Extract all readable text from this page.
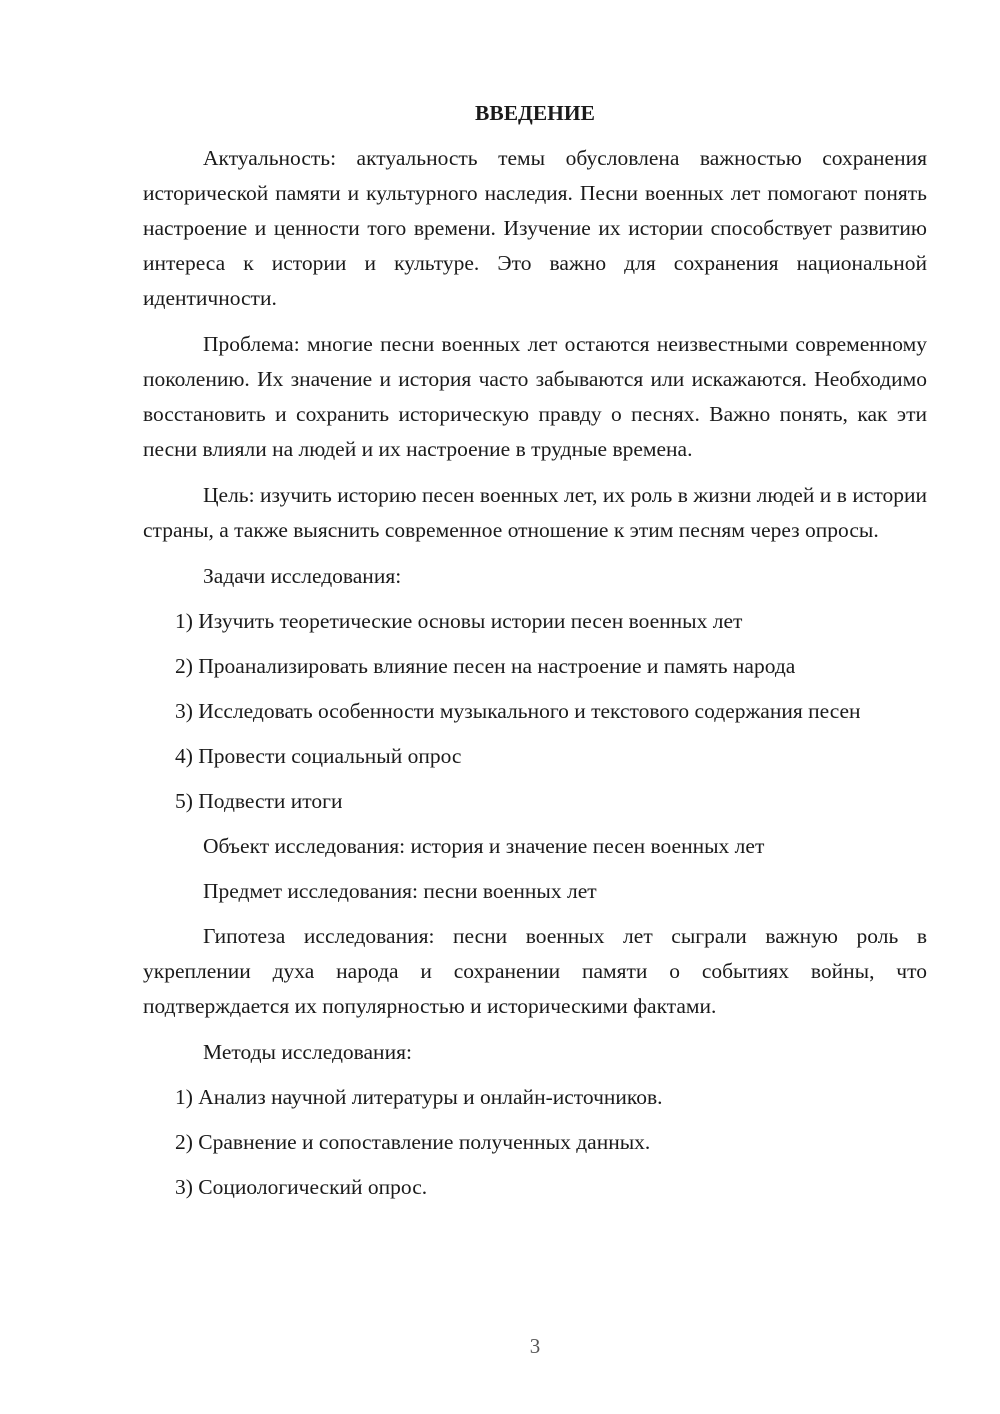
ВВЕДЕНИЕ

Актуальность: актуальность темы обусловлена важностью сохранения исторической памяти и культурного наследия. Песни военных лет помогают понять настроение и ценности того времени. Изучение их истории способствует развитию интереса к истории и культуре. Это важно для сохранения национальной идентичности.

Проблема: многие песни военных лет остаются неизвестными современному поколению. Их значение и история часто забываются или искажаются. Необходимо восстановить и сохранить историческую правду о песнях. Важно понять, как эти песни влияли на людей и их настроение в трудные времена.

Цель: изучить историю песен военных лет, их роль в жизни людей и в истории страны, а также выяснить современное отношение к этим песням через опросы.

Задачи исследования:

1) Изучить теоретические основы истории песен военных лет

2) Проанализировать влияние песен на настроение и память народа

3) Исследовать особенности музыкального и текстового содержания песен

4) Провести социальный опрос

5) Подвести итоги

Объект исследования: история и значение песен военных лет

Предмет исследования: песни военных лет

Гипотеза исследования: песни военных лет сыграли важную роль в укреплении духа народа и сохранении памяти о событиях войны, что подтверждается их популярностью и историческими фактами.

Методы исследования:

1) Анализ научной литературы и онлайн-источников.

2) Сравнение и сопоставление полученных данных.

3) Социологический опрос.

3
